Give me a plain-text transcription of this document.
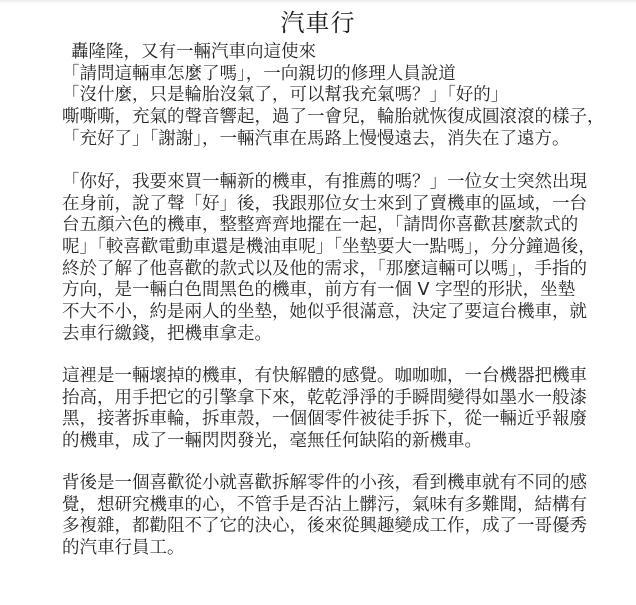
汽車行
轟隆隆，又有一輛汽車向這使來
「請問這輛車怎麼了嗎」，一向親切的修理人員說道
「沒什麼，只是輪胎沒氣了，可以幫我充氣嗎？」「好的」
嘶嘶嘶，充氣的聲音響起，過了一會兒，輪胎就恢復成圓滾滾的樣子，
「充好了」「謝謝」，一輛汽車在馬路上慢慢遠去，消失在了遠方。
「你好，我要來買一輛新的機車，有推薦的嗎？」一位女士突然出現
在身前，說了聲「好」後，我跟那位女士來到了賣機車的區域，一台
台五顏六色的機車，整整齊齊地擺在一起，「請問你喜歡甚麼款式的
呢」「較喜歡電動車還是機油車呢」「坐墊要大一點嗎」，分分鐘過後，
終於了解了他喜歡的款式以及他的需求，「那麼這輛可以嗎」，手指的
方向，是一輛白色間黑色的機車，前方有一個 V 字型的形狀，坐墊
不大不小，約是兩人的坐墊，她似乎很滿意，決定了要這台機車，就
去車行繳錢，把機車拿走。
這裡是一輛壞掉的機車，有快解體的感覺。咖咖咖，一台機器把機車
抬高，用手把它的引擎拿下來，乾乾淨淨的手瞬間變得如墨水一般漆
黑，接著拆車輪，拆車殼，一個個零件被徒手拆下，從一輛近乎報廢
的機車，成了一輛閃閃發光，毫無任何缺陷的新機車。
背後是一個喜歡從小就喜歡拆解零件的小孩，看到機車就有不同的感
覺，想研究機車的心，不管手是否沾上髒污，氣味有多難聞，結構有
多複雜，都勸阻不了它的決心，後來從興趣變成工作，成了一哥優秀
的汽車行員工。
